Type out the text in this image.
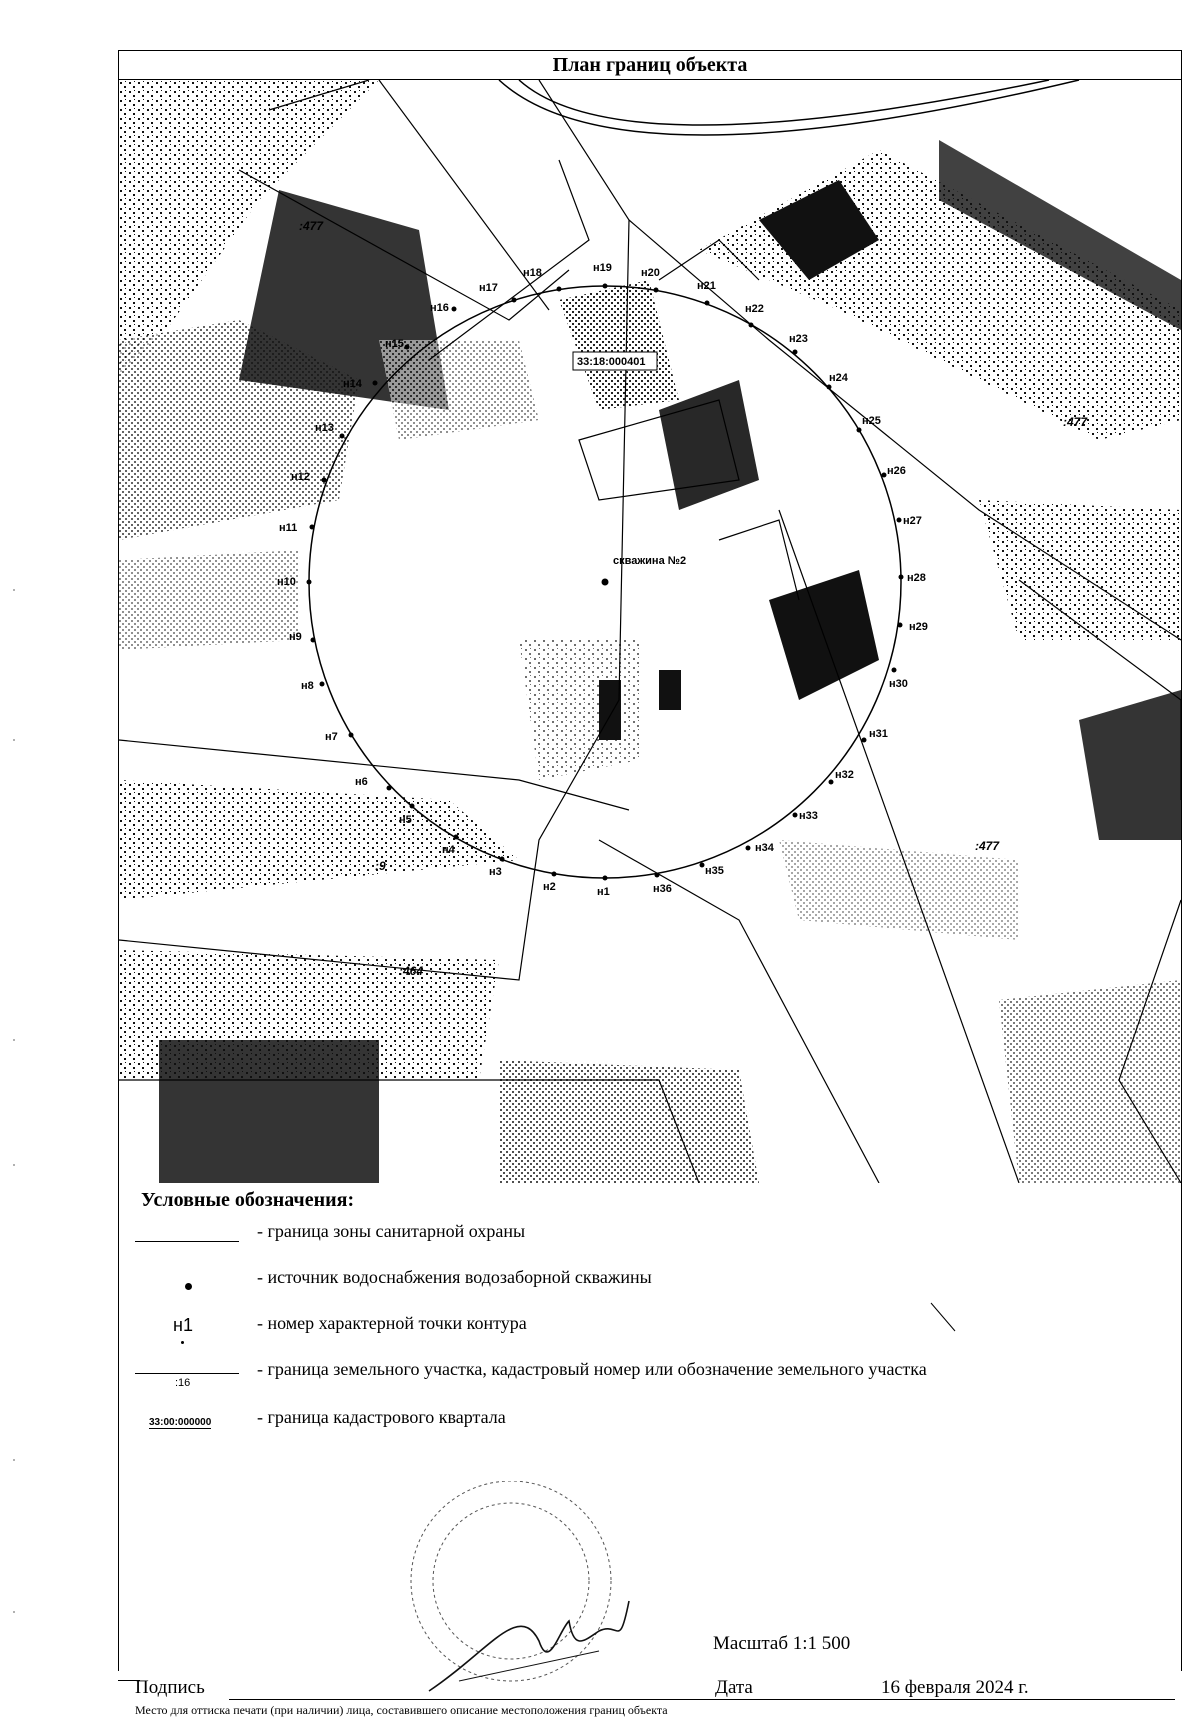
План границ объекта
н1
н2
н3
н4
н5
н6
н7
н8
н9
н10
н11
н12
н13
н14
н15
н16
н17
н18	н19	н20
н21
н22
н23
н24
н25
н26
н27
н28
н29
н30
н31
н32
н33
н34
н35
н36
33:18:000401
скважина №2
:477
:477
:477
:9
:464
Условные обозначения:
- граница зоны санитарной охраны
- источник водоснабжения водозаборной скважины
н1	- номер характерной точки контура
:16
- граница земельного участка, кадастровый номер или обозначение земельного участка
33:00:000000	- граница кадастрового квартала
Масштаб 1:1 500
Подпись	Дата	16 февраля 2024 г.
Место для оттиска печати (при наличии) лица, составившего описание местоположения границ объекта
